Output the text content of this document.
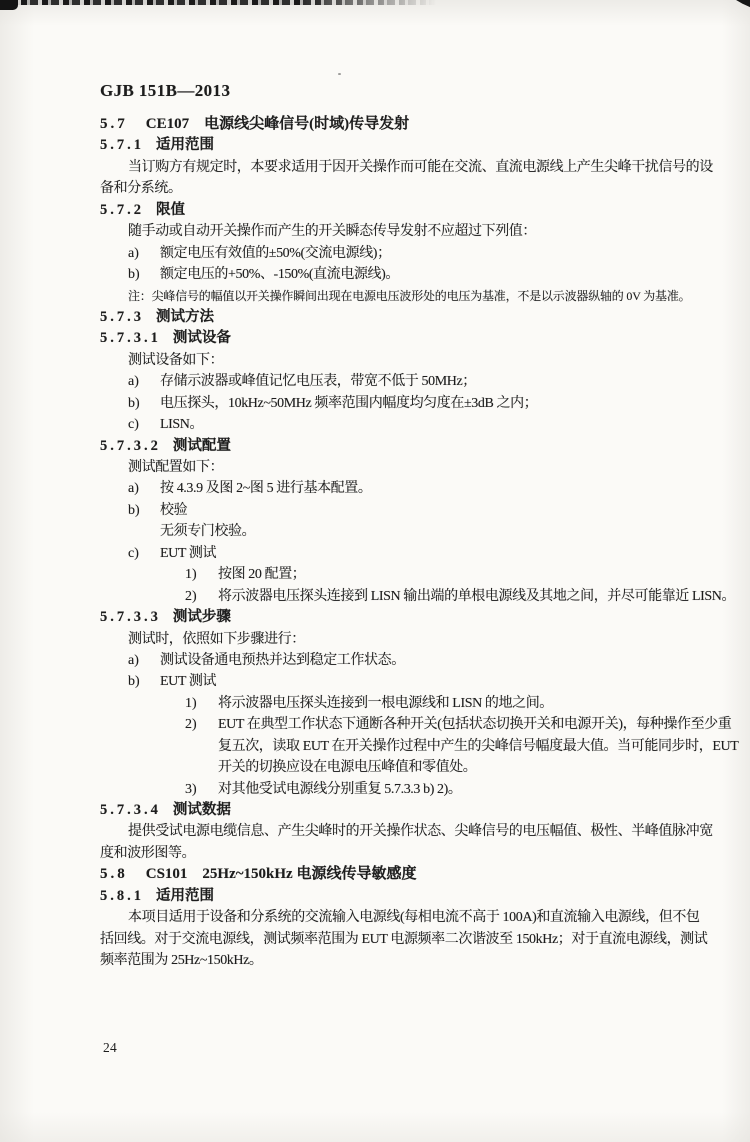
GJB 151B—2013
5.7 CE107　电源线尖峰信号(时域)传导发射
5.7.1 适用范围
当订购方有规定时，本要求适用于因开关操作而可能在交流、直流电源线上产生尖峰干扰信号的设
备和分系统。
5.7.2 限值
随手动或自动开关操作而产生的开关瞬态传导发射不应超过下列值：
a) 额定电压有效值的±50%(交流电源线)；
b) 额定电压的+50%、-150%(直流电源线)。
注：尖峰信号的幅值以开关操作瞬间出现在电源电压波形处的电压为基准，不是以示波器纵轴的 0V 为基准。
5.7.3 测试方法
5.7.3.1 测试设备
测试设备如下：
a) 存储示波器或峰值记忆电压表，带宽不低于 50MHz；
b) 电压探头，10kHz~50MHz 频率范围内幅度均匀度在±3dB 之内；
c) LISN。
5.7.3.2 测试配置
测试配置如下：
a) 按 4.3.9 及图 2~图 5 进行基本配置。
b) 校验
无须专门校验。
c) EUT 测试
1) 按图 20 配置；
2) 将示波器电压探头连接到 LISN 输出端的单根电源线及其地之间，并尽可能靠近 LISN。
5.7.3.3 测试步骤
测试时，依照如下步骤进行：
a) 测试设备通电预热并达到稳定工作状态。
b) EUT 测试
1) 将示波器电压探头连接到一根电源线和 LISN 的地之间。
2) EUT 在典型工作状态下通断各种开关(包括状态切换开关和电源开关)，每种操作至少重
复五次，读取 EUT 在开关操作过程中产生的尖峰信号幅度最大值。当可能同步时，EUT
开关的切换应设在电源电压峰值和零值处。
3) 对其他受试电源线分别重复 5.7.3.3 b) 2)。
5.7.3.4 测试数据
提供受试电源电缆信息、产生尖峰时的开关操作状态、尖峰信号的电压幅值、极性、半峰值脉冲宽
度和波形图等。
5.8 CS101　25Hz~150kHz 电源线传导敏感度
5.8.1 适用范围
本项目适用于设备和分系统的交流输入电源线(每相电流不高于 100A)和直流输入电源线，但不包
括回线。对于交流电源线，测试频率范围为 EUT 电源频率二次谐波至 150kHz；对于直流电源线，测试
频率范围为 25Hz~150kHz。
24
